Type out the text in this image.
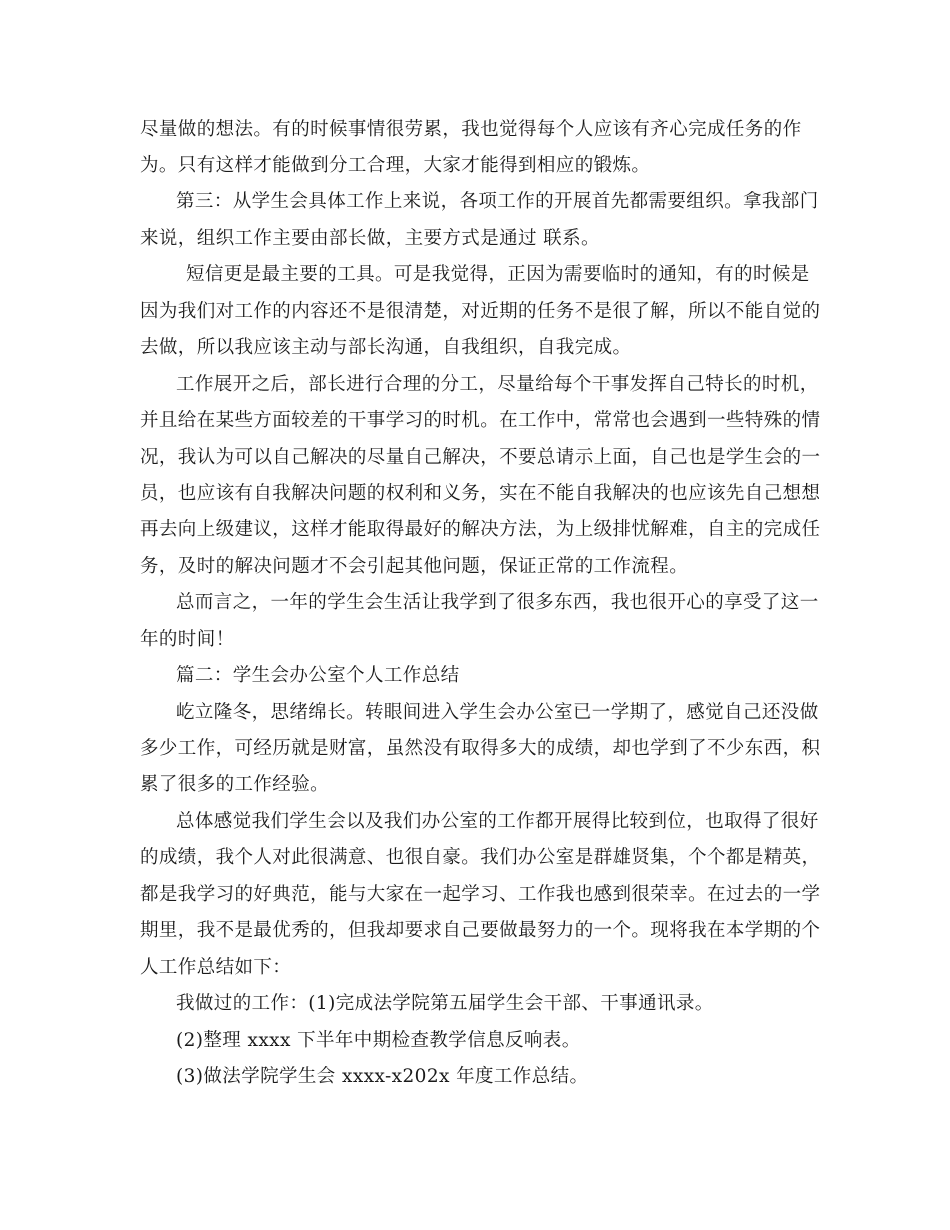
尽量做的想法。有的时候事情很劳累，我也觉得每个人应该有齐心完成任务的作
为。只有这样才能做到分工合理，大家才能得到相应的锻炼。
第三：从学生会具体工作上来说，各项工作的开展首先都需要组织。拿我部门
来说，组织工作主要由部长做，主要方式是通过 联系。
短信更是最主要的工具。可是我觉得，正因为需要临时的通知，有的时候是
因为我们对工作的内容还不是很清楚，对近期的任务不是很了解，所以不能自觉的
去做，所以我应该主动与部长沟通，自我组织，自我完成。
工作展开之后，部长进行合理的分工，尽量给每个干事发挥自己特长的时机，
并且给在某些方面较差的干事学习的时机。在工作中，常常也会遇到一些特殊的情
况，我认为可以自己解决的尽量自己解决，不要总请示上面，自己也是学生会的一
员，也应该有自我解决问题的权利和义务，实在不能自我解决的也应该先自己想想
再去向上级建议，这样才能取得最好的解决方法，为上级排忧解难，自主的完成任
务，及时的解决问题才不会引起其他问题，保证正常的工作流程。
总而言之，一年的学生会生活让我学到了很多东西，我也很开心的享受了这一
年的时间！
篇二：学生会办公室个人工作总结
屹立隆冬，思绪绵长。转眼间进入学生会办公室已一学期了，感觉自己还没做
多少工作，可经历就是财富，虽然没有取得多大的成绩，却也学到了不少东西，积
累了很多的工作经验。
总体感觉我们学生会以及我们办公室的工作都开展得比较到位，也取得了很好
的成绩，我个人对此很满意、也很自豪。我们办公室是群雄贤集，个个都是精英，
都是我学习的好典范，能与大家在一起学习、工作我也感到很荣幸。在过去的一学
期里，我不是最优秀的，但我却要求自己要做最努力的一个。现将我在本学期的个
人工作总结如下：
我做过的工作：(1)完成法学院第五届学生会干部、干事通讯录。
(2)整理 xxxx 下半年中期检查教学信息反响表。
(3)做法学院学生会 xxxx-x202x 年度工作总结。
